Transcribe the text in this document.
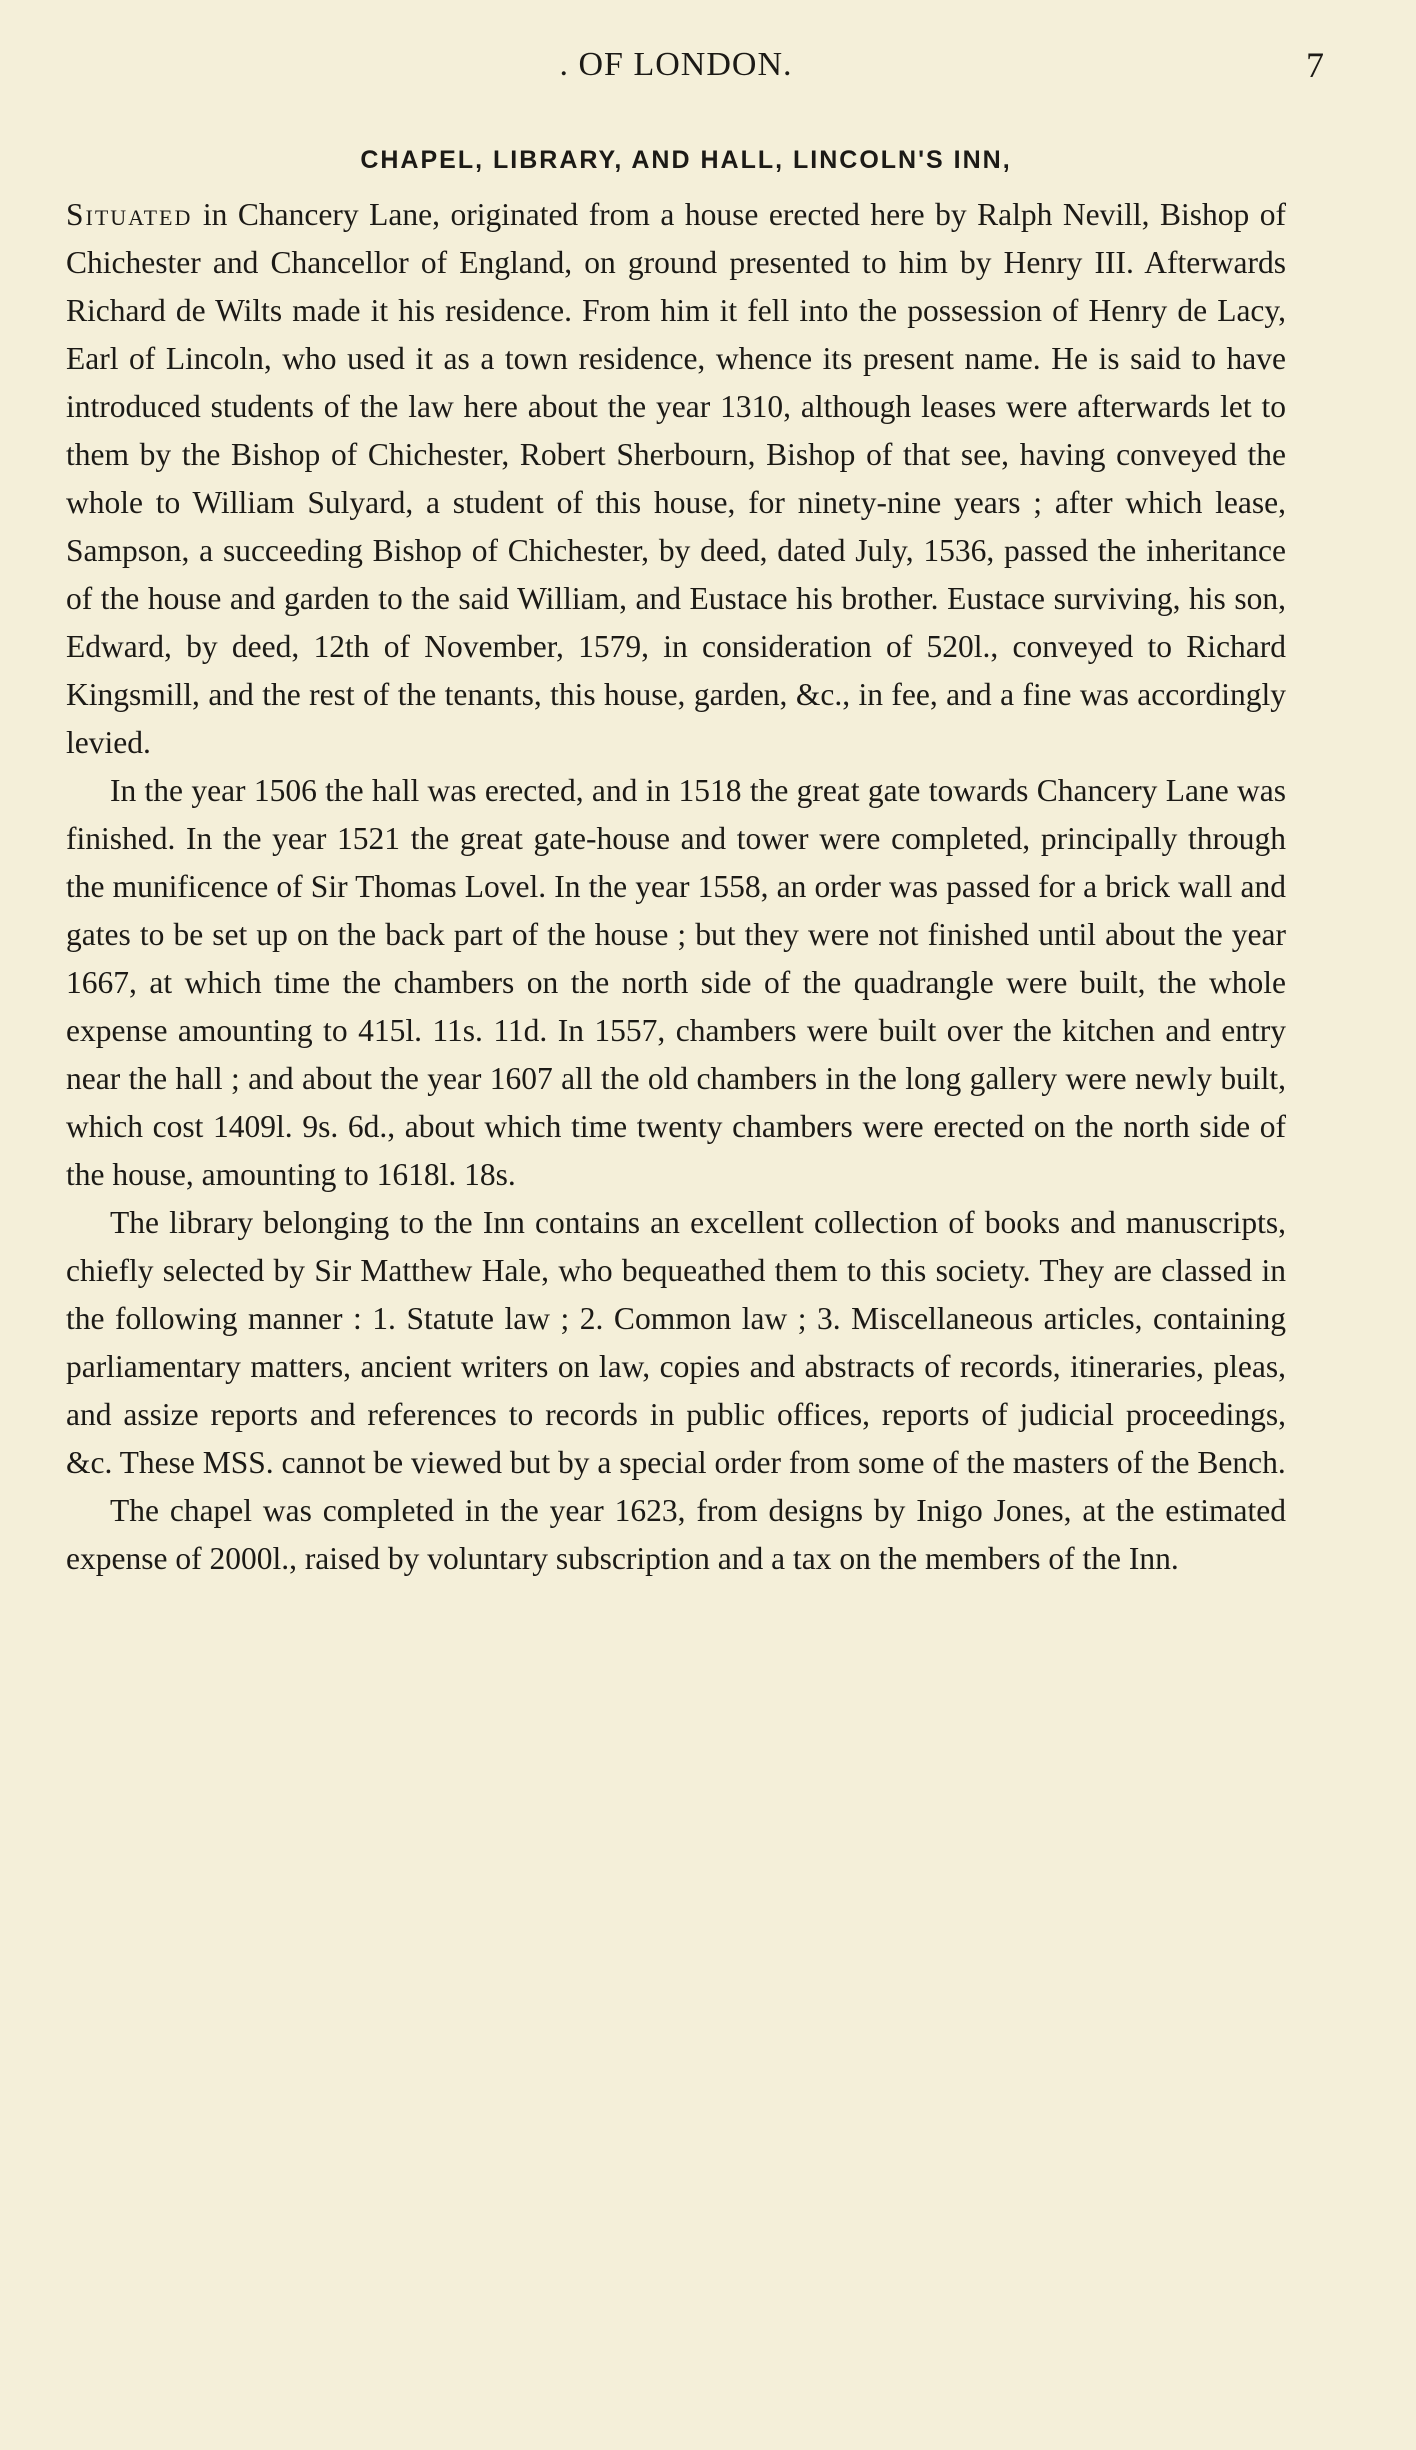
. OF LONDON.	7
CHAPEL, LIBRARY, AND HALL, LINCOLN'S INN,

Situated in Chancery Lane, originated from a house erected here by Ralph Nevill, Bishop of Chichester and Chancellor of England, on ground presented to him by Henry III. Afterwards Richard de Wilts made it his residence. From him it fell into the possession of Henry de Lacy, Earl of Lincoln, who used it as a town residence, whence its present name. He is said to have introduced students of the law here about the year 1310, although leases were afterwards let to them by the Bishop of Chichester, Robert Sherbourn, Bishop of that see, having conveyed the whole to William Sulyard, a student of this house, for ninety-nine years ; after which lease, Sampson, a succeeding Bishop of Chichester, by deed, dated July, 1536, passed the inheritance of the house and garden to the said William, and Eustace his brother. Eustace surviving, his son, Edward, by deed, 12th of November, 1579, in consideration of 520l., conveyed to Richard Kingsmill, and the rest of the tenants, this house, garden, &c., in fee, and a fine was accordingly levied.

In the year 1506 the hall was erected, and in 1518 the great gate towards Chancery Lane was finished. In the year 1521 the great gate-house and tower were completed, principally through the munificence of Sir Thomas Lovel. In the year 1558, an order was passed for a brick wall and gates to be set up on the back part of the house ; but they were not finished until about the year 1667, at which time the chambers on the north side of the quadrangle were built, the whole expense amounting to 415l. 11s. 11d. In 1557, chambers were built over the kitchen and entry near the hall ; and about the year 1607 all the old chambers in the long gallery were newly built, which cost 1409l. 9s. 6d., about which time twenty chambers were erected on the north side of the house, amounting to 1618l. 18s.

The library belonging to the Inn contains an excellent collection of books and manuscripts, chiefly selected by Sir Matthew Hale, who bequeathed them to this society. They are classed in the following manner : 1. Statute law ; 2. Common law ; 3. Miscellaneous articles, containing parliamentary matters, ancient writers on law, copies and abstracts of records, itineraries, pleas, and assize reports and references to records in public offices, reports of judicial proceedings, &c. These MSS. cannot be viewed but by a special order from some of the masters of the Bench.

The chapel was completed in the year 1623, from designs by Inigo Jones, at the estimated expense of 2000l., raised by voluntary subscription and a tax on the members of the Inn.
